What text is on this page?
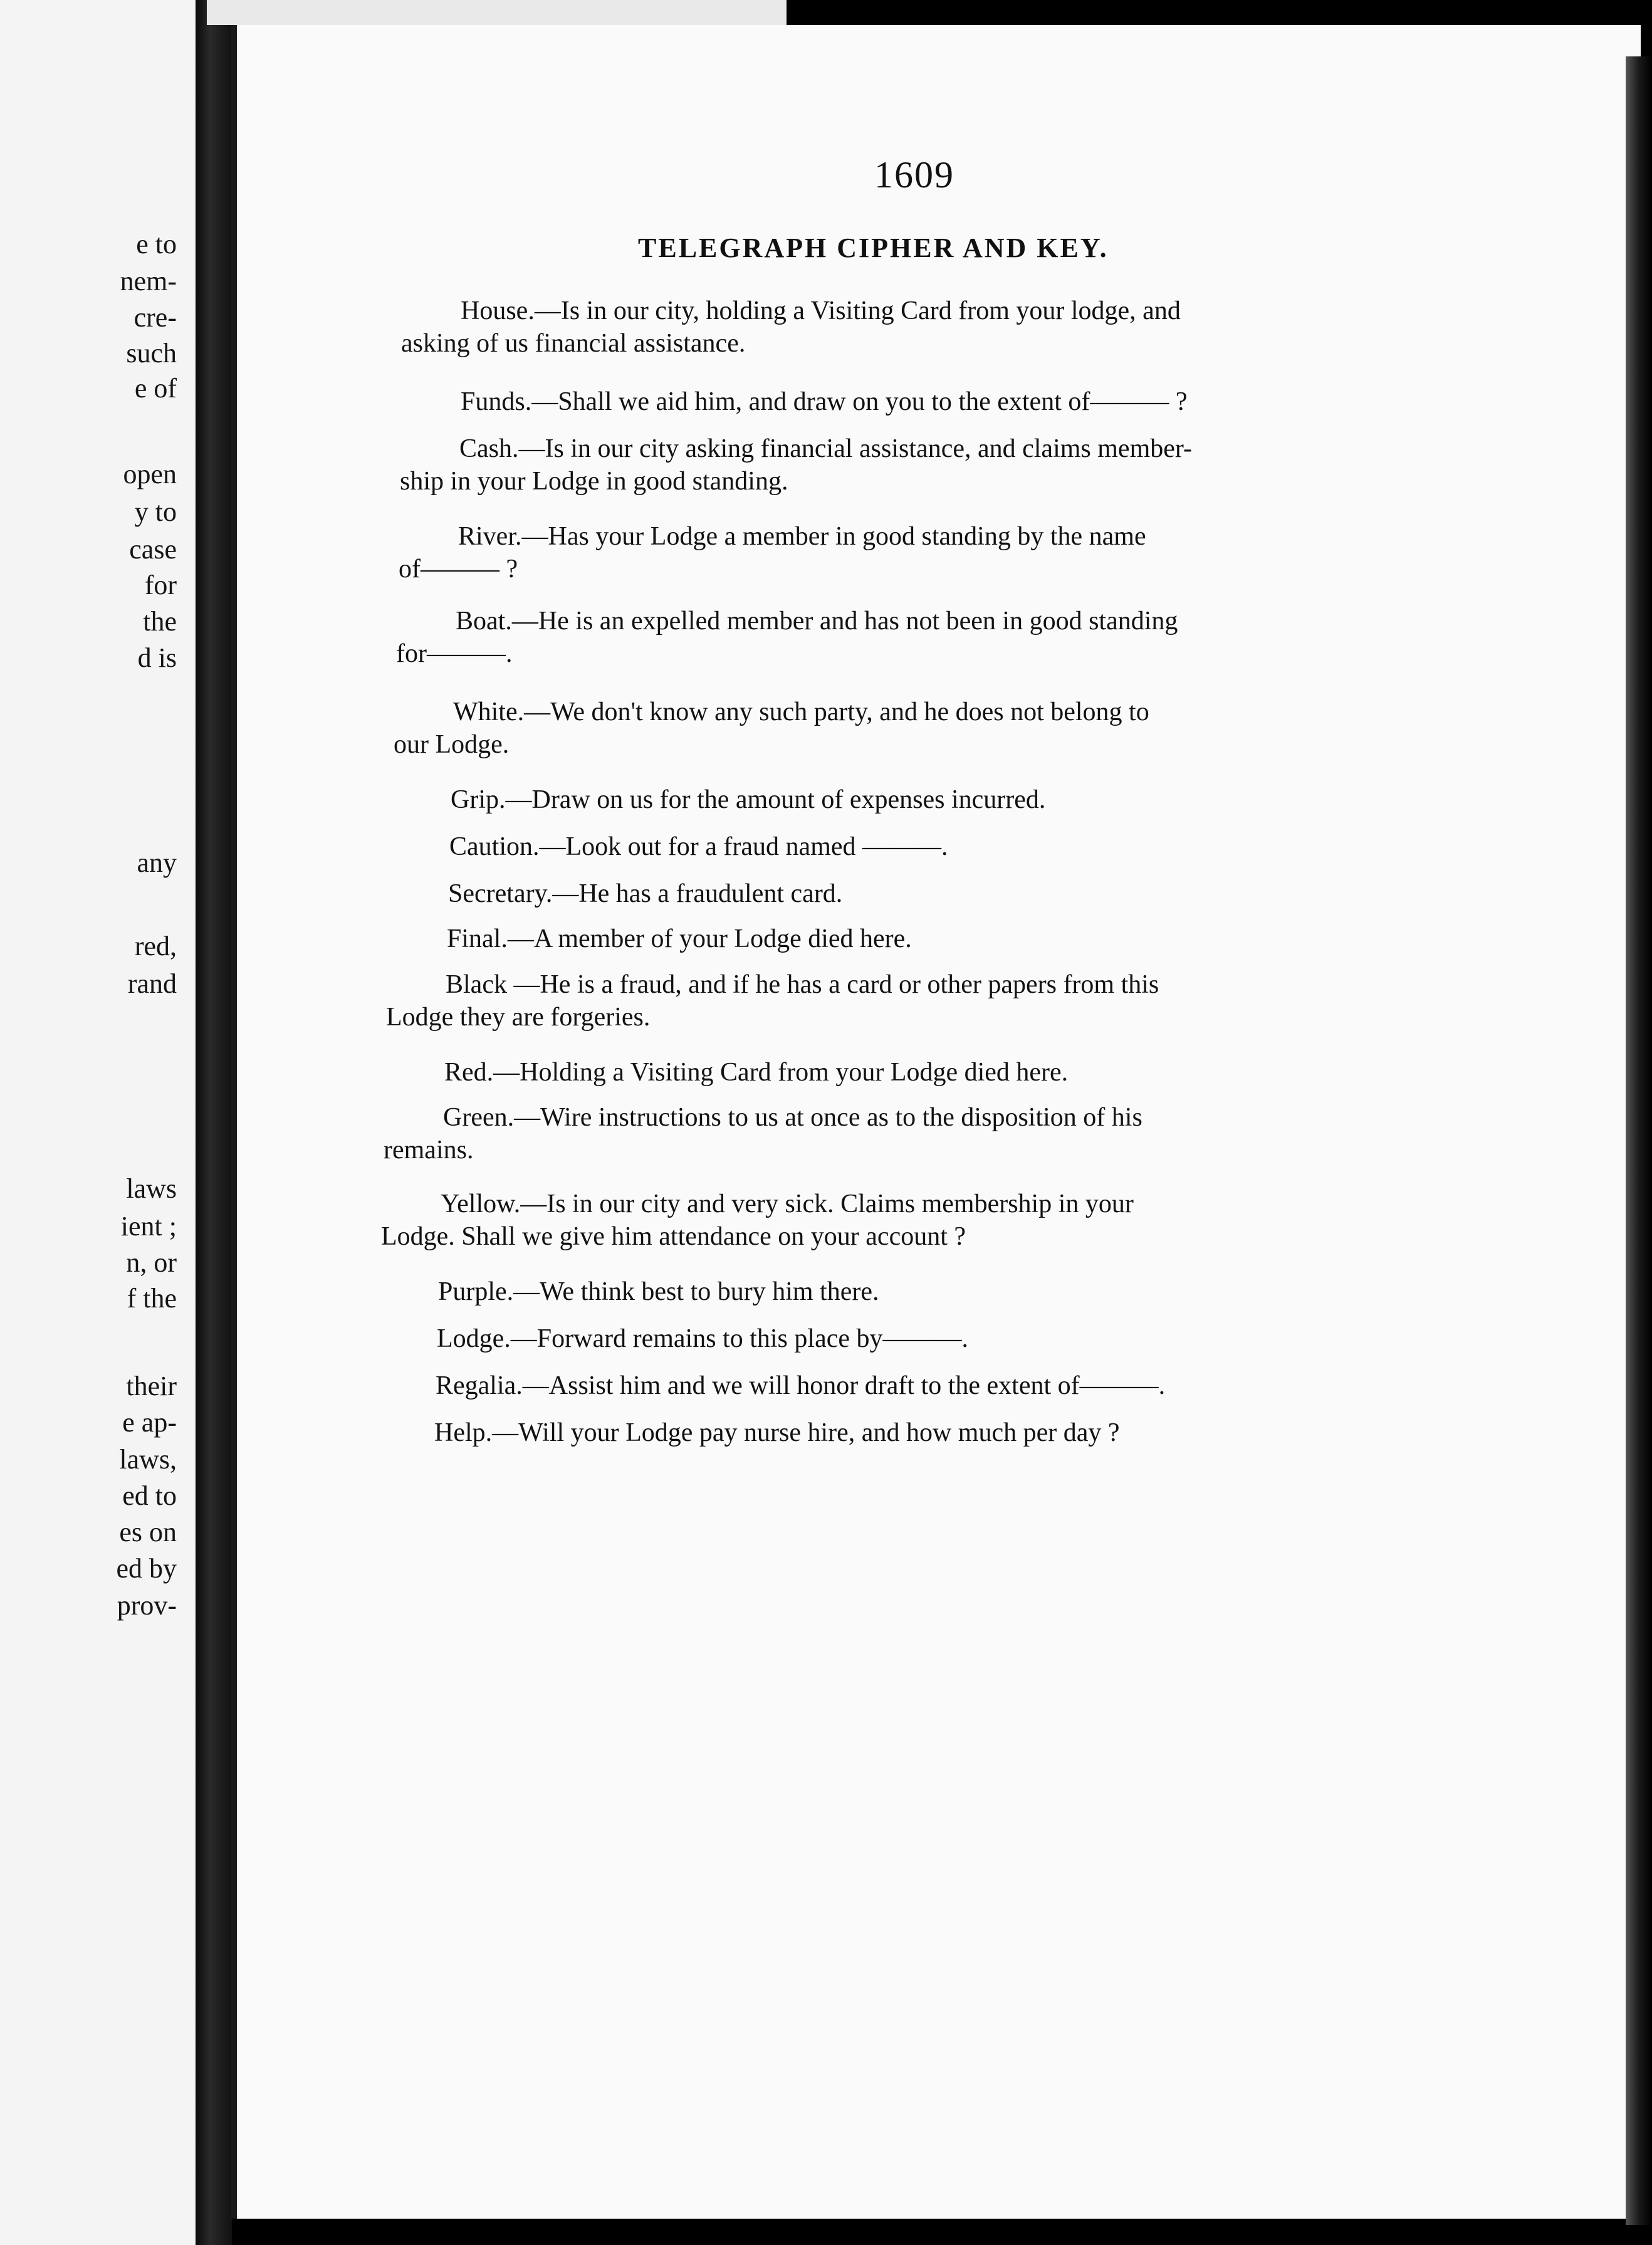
e to
nem-
cre-
such
e of
open
y to
case
for
the
d is
any
red,
rand
laws
ient ;
n, or
f the
their
e ap-
laws,
ed to
es on
ed by
prov-
1609
TELEGRAPH CIPHER AND KEY.
House.—Is in our city, holding a Visiting Card from your lodge, and
asking of us financial assistance.
Funds.—Shall we aid him, and draw on you to the extent of——— ?
Cash.—Is in our city asking financial assistance, and claims member-
ship in your Lodge in good standing.
River.—Has your Lodge a member in good standing by the name
of——— ?
Boat.—He is an expelled member and has not been in good standing
for———.
White.—We don't know any such party, and he does not belong to
our Lodge.
Grip.—Draw on us for the amount of expenses incurred.
Caution.—Look out for a fraud named ———.
Secretary.—He has a fraudulent card.
Final.—A member of your Lodge died here.
Black —He is a fraud, and if he has a card or other papers from this
Lodge they are forgeries.
Red.—Holding a Visiting Card from your Lodge died here.
Green.—Wire instructions to us at once as to the disposition of his
remains.
Yellow.—Is in our city and very sick. Claims membership in your
Lodge. Shall we give him attendance on your account ?
Purple.—We think best to bury him there.
Lodge.—Forward remains to this place by———.
Regalia.—Assist him and we will honor draft to the extent of———.
Help.—Will your Lodge pay nurse hire, and how much per day ?
